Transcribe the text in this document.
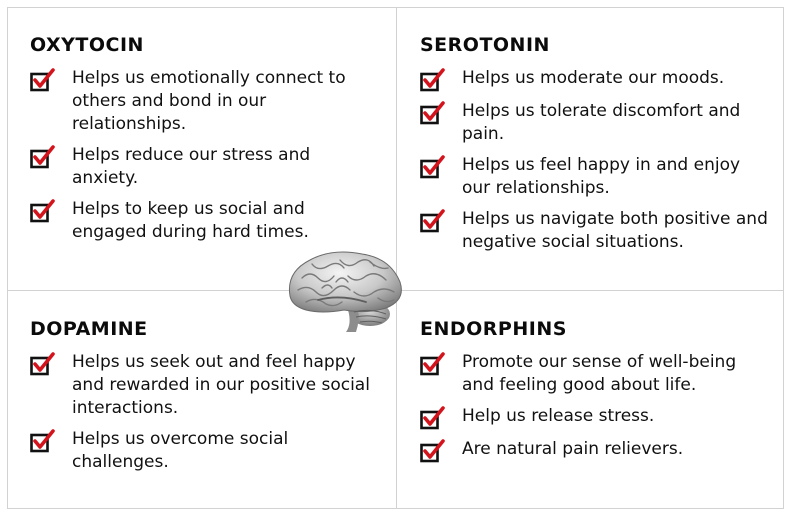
OXYTOCIN
Helps us emotionally connect to others and bond in our relationships.
Helps reduce our stress and anxiety.
Helps to keep us social and engaged during hard times.
SEROTONIN
Helps us moderate our moods.
Helps us tolerate discomfort and pain.
Helps us feel happy in and enjoy our relationships.
Helps us navigate both positive and negative social situations.
DOPAMINE
Helps us seek out and feel happy and rewarded in our positive social interactions.
Helps us overcome social challenges.
ENDORPHINS
Promote our sense of well-being and feeling good about life.
Help us release stress.
Are natural pain relievers.
